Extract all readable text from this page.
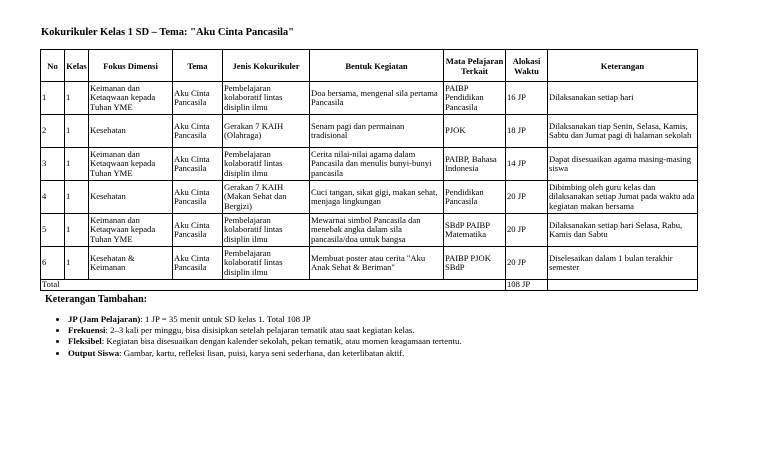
Kokurikuler Kelas 1 SD – Tema: "Aku Cinta Pancasila"
No	Kelas	Fokus Dimensi	Tema	Jenis Kokurikuler	Bentuk Kegiatan	Mata Pelajaran Terkait	Alokasi Waktu	Keterangan
1	1	Keimanan dan Ketaqwaan kepada Tuhan YME	Aku Cinta Pancasila	Pembelajaran kolaboratif lintas disiplin ilmu	Doa bersama, mengenal sila pertama Pancasila	PAIBP Pendidikan Pancasila	16 JP	Dilaksanakan setiap hari
2	1	Kesehatan	Aku Cinta Pancasila	Gerakan 7 KAIH (Olahraga)	Senam pagi dan permainan tradisional	PJOK	18 JP	Dilaksanakan tiap Senin, Selasa, Kamis, Sabtu dan Jumat pagi di halaman sekolah
3	1	Keimanan dan Ketaqwaan kepada Tuhan YME	Aku Cinta Pancasila	Pembelajaran kolaboratif lintas disiplin ilmu	Cerita nilai-nilai agama dalam Pancasila dan menulis bunyi-bunyi pancasila	PAIBP, Bahasa Indonesia	14 JP	Dapat disesuaikan agama masing-masing siswa
4	1	Kesehatan	Aku Cinta Pancasila	Gerakan 7 KAIH (Makan Sehat dan Bergizi)	Cuci tangan, sikat gigi, makan sehat, menjaga lingkungan	Pendidikan Pancasila	20 JP	Dibimbing oleh guru kelas dan dilaksanakan setiap Jumat pada waktu ada kegiatan makan bersama
5	1	Keimanan dan Ketaqwaan kepada Tuhan YME	Aku Cinta Pancasila	Pembelajaran kolaboratif lintas disiplin ilmu	Mewarnai simbol Pancasila dan menebak angka dalam sila pancasila/doa untuk bangsa	SBdP PAIBP Matematika	20 JP	Dilaksanakan setiap hari Selasa, Rabu, Kamis dan Sabtu
6	1	Kesehatan & Keimanan	Aku Cinta Pancasila	Pembelajaran kolaboratif lintas disiplin ilmu	Membuat poster atau cerita "Aku Anak Sehat & Beriman"	PAIBP PJOK SBdP	20 JP	Diselesaikan dalam 1 bulan terakhir semester
Total							108 JP	
Keterangan Tambahan:
• JP (Jam Pelajaran): 1 JP = 35 menit untuk SD kelas 1. Total 108 JP
• Frekuensi: 2–3 kali per minggu, bisa disisipkan setelah pelajaran tematik atau saat kegiatan kelas.
• Fleksibel: Kegiatan bisa disesuaikan dengan kalender sekolah, pekan tematik, atau momen keagamaan tertentu.
• Output Siswa: Gambar, kartu, refleksi lisan, puisi, karya seni sederhana, dan keterlibatan aktif.
